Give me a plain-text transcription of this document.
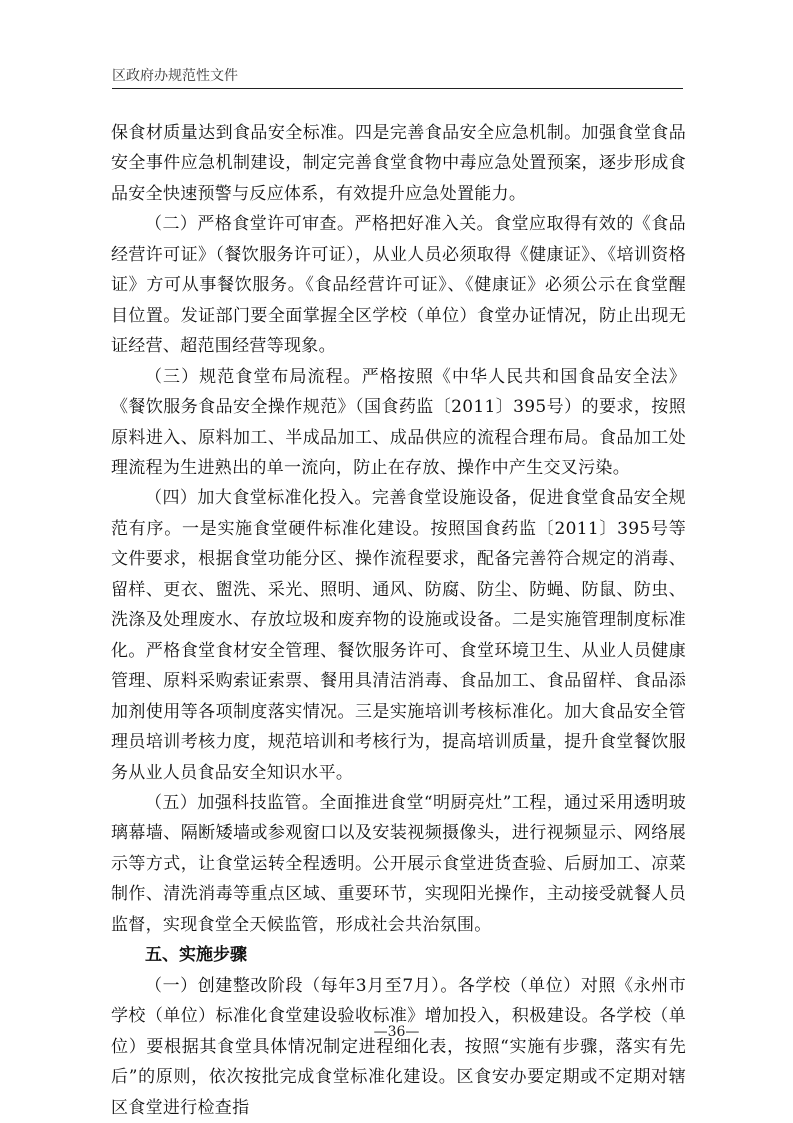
区政府办规范性文件

保食材质量达到食品安全标准。四是完善食品安全应急机制。加强食堂食品安全事件应急机制建设，制定完善食堂食物中毒应急处置预案，逐步形成食品安全快速预警与反应体系，有效提升应急处置能力。

（二）严格食堂许可审查。严格把好准入关。食堂应取得有效的《食品经营许可证》（餐饮服务许可证），从业人员必须取得《健康证》、《培训资格证》方可从事餐饮服务。《食品经营许可证》、《健康证》必须公示在食堂醒目位置。发证部门要全面掌握全区学校（单位）食堂办证情况，防止出现无证经营、超范围经营等现象。

（三）规范食堂布局流程。严格按照《中华人民共和国食品安全法》《餐饮服务食品安全操作规范》（国食药监〔2011〕395号）的要求，按照原料进入、原料加工、半成品加工、成品供应的流程合理布局。食品加工处理流程为生进熟出的单一流向，防止在存放、操作中产生交叉污染。

（四）加大食堂标准化投入。完善食堂设施设备，促进食堂食品安全规范有序。一是实施食堂硬件标准化建设。按照国食药监〔2011〕395号等文件要求，根据食堂功能分区、操作流程要求，配备完善符合规定的消毒、留样、更衣、盥洗、采光、照明、通风、防腐、防尘、防蝇、防鼠、防虫、洗涤及处理废水、存放垃圾和废弃物的设施或设备。二是实施管理制度标准化。严格食堂食材安全管理、餐饮服务许可、食堂环境卫生、从业人员健康管理、原料采购索证索票、餐用具清洁消毒、食品加工、食品留样、食品添加剂使用等各项制度落实情况。三是实施培训考核标准化。加大食品安全管理员培训考核力度，规范培训和考核行为，提高培训质量，提升食堂餐饮服务从业人员食品安全知识水平。

（五）加强科技监管。全面推进食堂“明厨亮灶”工程，通过采用透明玻璃幕墙、隔断矮墙或参观窗口以及安装视频摄像头，进行视频显示、网络展示等方式，让食堂运转全程透明。公开展示食堂进货查验、后厨加工、凉菜制作、清洗消毒等重点区域、重要环节，实现阳光操作，主动接受就餐人员监督，实现食堂全天候监管，形成社会共治氛围。

五、实施步骤

（一）创建整改阶段（每年3月至7月）。各学校（单位）对照《永州市学校（单位）标准化食堂建设验收标准》增加投入，积极建设。各学校（单位）要根据其食堂具体情况制定进程细化表，按照“实施有步骤，落实有先后”的原则，依次按批完成食堂标准化建设。区食安办要定期或不定期对辖区食堂进行检查指

—36—
